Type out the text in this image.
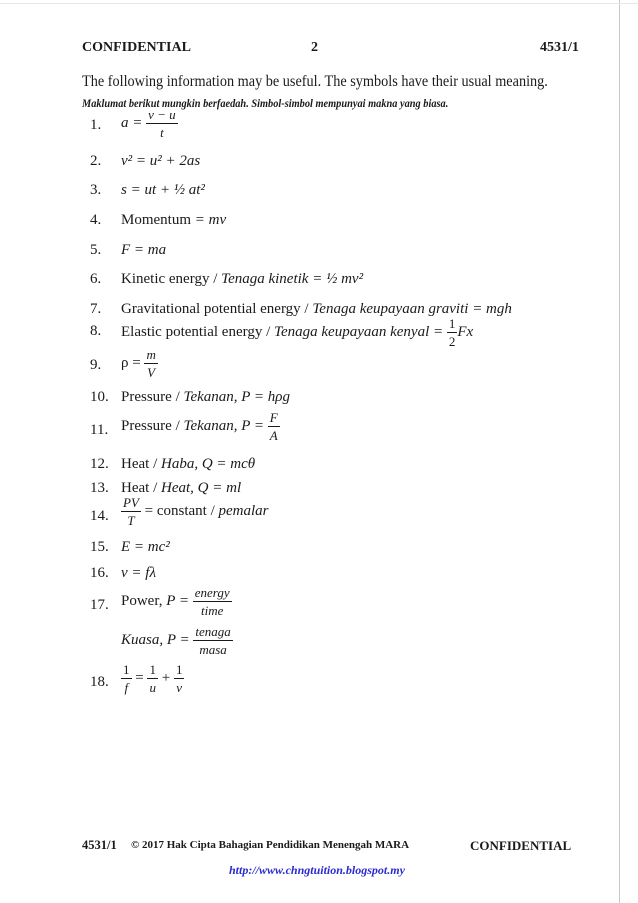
CONFIDENTIAL	2	4531/1
The following information may be useful. The symbols have their usual meaning.
Maklumat berikut mungkin berfaedah. Simbol-simbol mempunyai makna yang biasa.
1. $a = \frac{v - u}{t}$
2. v² = u² + 2as
3. s = ut + ½ at²
4. Momentum = mv
5. F = ma
6. Kinetic energy / Tenaga kinetik = ½ mv²
7. Gravitational potential energy / Tenaga keupayaan graviti = mgh
8. Elastic potential energy / Tenaga keupayaan kenyal = $\frac{1}{2}$ Fx
9. $\rho = \frac{m}{V}$
10. Pressure / Tekanan, P = hρg
11. Pressure / Tekanan, $P = \frac{F}{A}$
12. Heat / Haba, Q = mcθ
13. Heat / Heat, Q = ml
14. $\frac{PV}{T}$ = constant / pemalar
15. E = mc²
16. v = fλ
17. Power, $P = \frac{\text{energy}}{\text{time}}$
Kuasa, $P = \frac{\text{tenaga}}{\text{masa}}$
18. $\frac{1}{f} = \frac{1}{u} + \frac{1}{v}$
4531/1 © 2017 Hak Cipta Bahagian Pendidikan Menengah MARA	CONFIDENTIAL
http://www.chngtuition.blogspot.my
